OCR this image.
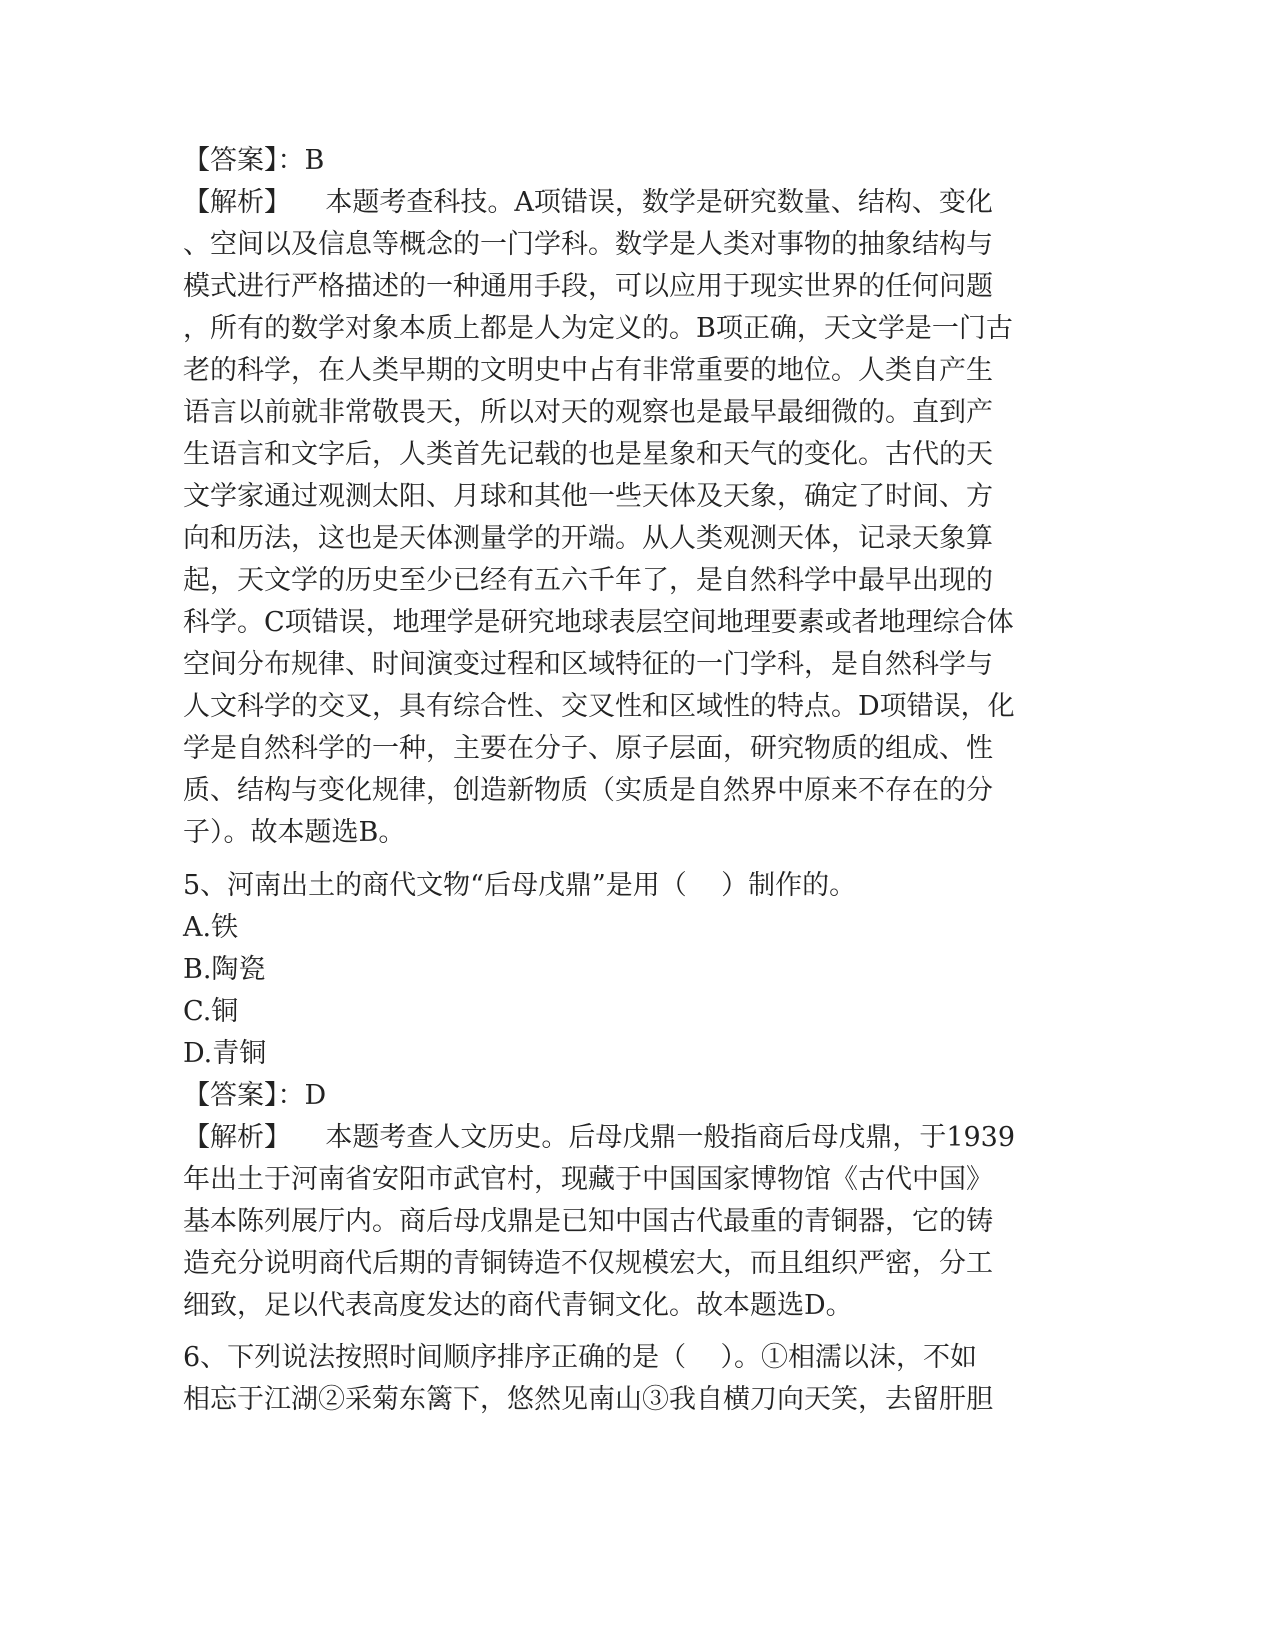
【答案】：B
【解析】    本题考查科技。A项错误，数学是研究数量、结构、变化
、空间以及信息等概念的一门学科。数学是人类对事物的抽象结构与
模式进行严格描述的一种通用手段，可以应用于现实世界的任何问题
，所有的数学对象本质上都是人为定义的。B项正确，天文学是一门古
老的科学，在人类早期的文明史中占有非常重要的地位。人类自产生
语言以前就非常敬畏天，所以对天的观察也是最早最细微的。直到产
生语言和文字后，人类首先记载的也是星象和天气的变化。古代的天
文学家通过观测太阳、月球和其他一些天体及天象，确定了时间、方
向和历法，这也是天体测量学的开端。从人类观测天体，记录天象算
起，天文学的历史至少已经有五六千年了，是自然科学中最早出现的
科学。C项错误，地理学是研究地球表层空间地理要素或者地理综合体
空间分布规律、时间演变过程和区域特征的一门学科，是自然科学与
人文科学的交叉，具有综合性、交叉性和区域性的特点。D项错误，化
学是自然科学的一种，主要在分子、原子层面，研究物质的组成、性
质、结构与变化规律，创造新物质（实质是自然界中原来不存在的分
子）。故本题选B。
5、河南出土的商代文物“后母戊鼎”是用（    ）制作的。
A.铁
B.陶瓷
C.铜
D.青铜
【答案】：D
【解析】    本题考查人文历史。后母戊鼎一般指商后母戊鼎，于1939
年出土于河南省安阳市武官村，现藏于中国国家博物馆《古代中国》
基本陈列展厅内。商后母戊鼎是已知中国古代最重的青铜器，它的铸
造充分说明商代后期的青铜铸造不仅规模宏大，而且组织严密，分工
细致，足以代表高度发达的商代青铜文化。故本题选D。
6、下列说法按照时间顺序排序正确的是（    ）。①相濡以沫，不如
相忘于江湖②采菊东篱下，悠然见南山③我自横刀向天笑，去留肝胆
